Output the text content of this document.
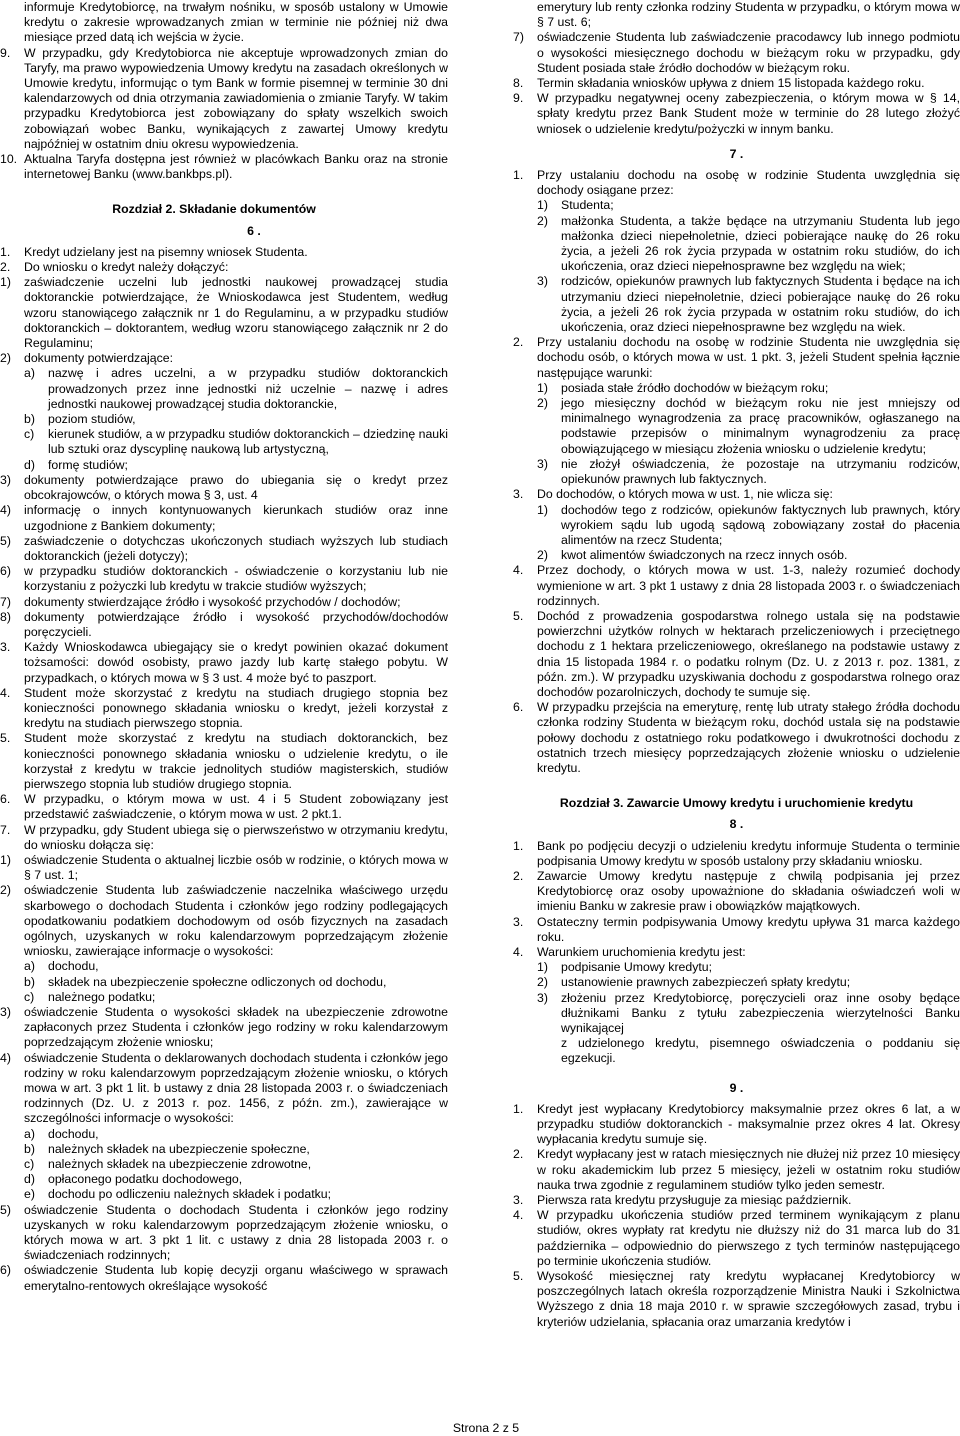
informuje Kredytobiorcę, na trwałym nośniku, w sposób ustalony w Umowie kredytu o zakresie wprowadzanych zmian w terminie nie później niż dwa miesiące przed datą ich wejścia w życie.

9. W przypadku, gdy Kredytobiorca nie akceptuje wprowadzonych zmian do Taryfy, ma prawo wypowiedzenia Umowy kredytu na zasadach określonych w Umowie kredytu, informując o tym Bank w formie pisemnej w terminie 30 dni kalendarzowych od dnia otrzymania zawiadomienia o zmianie Taryfy. W takim przypadku Kredytobiorca jest zobowiązany do spłaty wszelkich swoich zobowiązań wobec Banku, wynikających z zawartej Umowy kredytu najpóźniej w ostatnim dniu okresu wypowiedzenia.

10. Aktualna Taryfa dostępna jest również w placówkach Banku oraz na stronie internetowej Banku (www.bankbps.pl).

Rozdział 2. Składanie dokumentów

6 .

1. Kredyt udzielany jest na pisemny wniosek Studenta.

2. Do wniosku o kredyt należy dołączyć:

1) zaświadczenie uczelni lub jednostki naukowej prowadzącej studia doktoranckie potwierdzające, że Wnioskodawca jest Studentem, według wzoru stanowiącego załącznik nr 1 do Regulaminu, a w przypadku studiów doktoranckich – doktorantem, według wzoru stanowiącego załącznik nr 2 do Regulaminu;

2) dokumenty potwierdzające:

a) nazwę i adres uczelni, a w przypadku studiów doktoranckich prowadzonych przez inne jednostki niż uczelnie – nazwę i adres jednostki naukowej prowadzącej studia doktoranckie,

b) poziom studiów,

c) kierunek studiów, a w przypadku studiów doktoranckich – dziedzinę nauki lub sztuki oraz dyscyplinę naukową lub artystyczną,

d) formę studiów;

3) dokumenty potwierdzające prawo do ubiegania się o kredyt przez obcokrajowców, o których mowa § 3, ust. 4

4) informację o innych kontynuowanych kierunkach studiów oraz inne uzgodnione z Bankiem dokumenty;

5) zaświadczenie o dotychczas ukończonych studiach wyższych lub studiach doktoranckich (jeżeli dotyczy);

6) w przypadku studiów doktoranckich - oświadczenie o korzystaniu lub nie korzystaniu z pożyczki lub kredytu w trakcie studiów wyższych;

7) dokumenty stwierdzające źródło i wysokość przychodów / dochodów;

8) dokumenty potwierdzające źródło i wysokość przychodów/dochodów poręczycieli.

3. Każdy Wnioskodawca ubiegający sie o kredyt powinien okazać dokument tożsamości: dowód osobisty, prawo jazdy lub kartę stałego pobytu. W przypadkach, o których mowa w § 3 ust. 4 może być to paszport.

4. Student może skorzystać z kredytu na studiach drugiego stopnia bez konieczności ponownego składania wniosku o kredyt, jeżeli korzystał z kredytu na studiach pierwszego stopnia.

5. Student może skorzystać z kredytu na studiach doktoranckich, bez konieczności ponownego składania wniosku o udzielenie kredytu, o ile korzystał z kredytu w trakcie jednolitych studiów magisterskich, studiów pierwszego stopnia lub studiów drugiego stopnia.

6. W przypadku, o którym mowa w ust. 4 i 5 Student zobowiązany jest przedstawić zaświadczenie, o którym mowa w ust. 2 pkt.1.

7. W przypadku, gdy Student ubiega się o pierwszeństwo w otrzymaniu kredytu, do wniosku dołącza się:

1) oświadczenie Studenta o aktualnej liczbie osób w rodzinie, o których mowa w § 7 ust. 1;

2) oświadczenie Studenta lub zaświadczenie naczelnika właściwego urzędu skarbowego o dochodach Studenta i członków jego rodziny podlegających opodatkowaniu podatkiem dochodowym od osób fizycznych na zasadach ogólnych, uzyskanych w roku kalendarzowym poprzedzającym złożenie wniosku, zawierające informacje o wysokości:

a) dochodu,

b) składek na ubezpieczenie społeczne odliczonych od dochodu,

c) należnego podatku;

3) oświadczenie Studenta o wysokości składek na ubezpieczenie zdrowotne zapłaconych przez Studenta i członków jego rodziny w roku kalendarzowym poprzedzającym złożenie wniosku;

4) oświadczenie Studenta o deklarowanych dochodach studenta i członków jego rodziny w roku kalendarzowym poprzedzającym złożenie wniosku, o których mowa w art. 3 pkt 1 lit. b ustawy z dnia 28 listopada 2003 r. o świadczeniach rodzinnych (Dz. U. z 2013 r. poz. 1456, z późn. zm.), zawierające w szczególności informacje o wysokości:

a) dochodu,

b) należnych składek na ubezpieczenie społeczne,

c) należnych składek na ubezpieczenie zdrowotne,

d) opłaconego podatku dochodowego,

e) dochodu po odliczeniu należnych składek i podatku;

5) oświadczenie Studenta o dochodach Studenta i członków jego rodziny uzyskanych w roku kalendarzowym poprzedzającym złożenie wniosku, o których mowa w art. 3 pkt 1 lit. c ustawy z dnia 28 listopada 2003 r. o świadczeniach rodzinnych;

6) oświadczenie Studenta lub kopię decyzji organu właściwego w sprawach emerytalno-rentowych określające wysokość

emerytury lub renty członka rodziny Studenta w przypadku, o którym mowa w § 7 ust. 6;

7) oświadczenie Studenta lub zaświadczenie pracodawcy lub innego podmiotu o wysokości miesięcznego dochodu w bieżącym roku w przypadku, gdy Student posiada stałe źródło dochodów w bieżącym roku.

8. Termin składania wniosków upływa z dniem 15 listopada każdego roku.

9. W przypadku negatywnej oceny zabezpieczenia, o którym mowa w § 14, spłaty kredytu przez Bank Student może w terminie do 28 lutego złożyć wniosek o udzielenie kredytu/pożyczki w innym banku.

7 .

1. Przy ustalaniu dochodu na osobę w rodzinie Studenta uwzględnia się dochody osiągane przez:

1) Studenta;

2) małżonka Studenta, a także będące na utrzymaniu Studenta lub jego małżonka dzieci niepełnoletnie, dzieci pobierające naukę do 26 roku życia, a jeżeli 26 rok życia przypada w ostatnim roku studiów, do ich ukończenia, oraz dzieci niepełnosprawne bez względu na wiek;

3) rodziców, opiekunów prawnych lub faktycznych Studenta i będące na ich utrzymaniu dzieci niepełnoletnie, dzieci pobierające naukę do 26 roku życia, a jeżeli 26 rok życia przypada w ostatnim roku studiów, do ich ukończenia, oraz dzieci niepełnosprawne bez względu na wiek.

2. Przy ustalaniu dochodu na osobę w rodzinie Studenta nie uwzględnia się dochodu osób, o których mowa w ust. 1 pkt. 3, jeżeli Student spełnia łącznie następujące warunki:

1) posiada stałe źródło dochodów w bieżącym roku;

2) jego miesięczny dochód w bieżącym roku nie jest mniejszy od minimalnego wynagrodzenia za pracę pracowników, ogłaszanego na podstawie przepisów o minimalnym wynagrodzeniu za pracę obowiązującego w miesiącu złożenia wniosku o udzielenie kredytu;

3) nie złożył oświadczenia, że pozostaje na utrzymaniu rodziców, opiekunów prawnych lub faktycznych.

3. Do dochodów, o których mowa w ust. 1, nie wlicza się:

1) dochodów tego z rodziców, opiekunów faktycznych lub prawnych, który wyrokiem sądu lub ugodą sądową zobowiązany został do płacenia alimentów na rzecz Studenta;

2) kwot alimentów świadczonych na rzecz innych osób.

4. Przez dochody, o których mowa w ust. 1-3, należy rozumieć dochody wymienione w art. 3 pkt 1 ustawy z dnia 28 listopada 2003 r. o świadczeniach rodzinnych.

5. Dochód z prowadzenia gospodarstwa rolnego ustala się na podstawie powierzchni użytków rolnych w hektarach przeliczeniowych i przeciętnego dochodu z 1 hektara przeliczeniowego, określanego na podstawie ustawy z dnia 15 listopada 1984 r. o podatku rolnym (Dz. U. z 2013 r. poz. 1381, z późn. zm.). W przypadku uzyskiwania dochodu z gospodarstwa rolnego oraz dochodów pozarolniczych, dochody te sumuje się.

6. W przypadku przejścia na emeryturę, rentę lub utraty stałego źródła dochodu członka rodziny Studenta w bieżącym roku, dochód ustala się na podstawie połowy dochodu z ostatniego roku podatkowego i dwukrotności dochodu z ostatnich trzech miesięcy poprzedzających złożenie wniosku o udzielenie kredytu.

Rozdział 3. Zawarcie Umowy kredytu i uruchomienie kredytu

8 .

1. Bank po podjęciu decyzji o udzieleniu kredytu informuje Studenta o terminie podpisania Umowy kredytu w sposób ustalony przy składaniu wniosku.

2. Zawarcie Umowy kredytu następuje z chwilą podpisania jej przez Kredytobiorcę oraz osoby upoważnione do składania oświadczeń woli w imieniu Banku w zakresie praw i obowiązków majątkowych.

3. Ostateczny termin podpisywania Umowy kredytu upływa 31 marca każdego roku.

4. Warunkiem uruchomienia kredytu jest:

1) podpisanie Umowy kredytu;

2) ustanowienie prawnych zabezpieczeń spłaty kredytu;

3) złożeniu przez Kredytobiorcę, poręczycieli oraz inne osoby będące dłużnikami Banku z tytułu zabezpieczenia wierzytelności Banku wynikającej

z udzielonego kredytu, pisemnego oświadczenia o poddaniu się egzekucji.

9 .

1. Kredyt jest wypłacany Kredytobiorcy maksymalnie przez okres 6 lat, a w przypadku studiów doktoranckich - maksymalnie przez okres 4 lat. Okresy wypłacania kredytu sumuje się.

2. Kredyt wypłacany jest w ratach miesięcznych nie dłużej niż przez 10 miesięcy w roku akademickim lub przez 5 miesięcy, jeżeli w ostatnim roku studiów nauka trwa zgodnie z regulaminem studiów tylko jeden semestr.

3. Pierwsza rata kredytu przysługuje za miesiąc październik.

4. W przypadku ukończenia studiów przed terminem wynikającym z planu studiów, okres wypłaty rat kredytu nie dłuższy niż do 31 marca lub do 31 października – odpowiednio do pierwszego z tych terminów następującego po terminie ukończenia studiów.

5. Wysokość miesięcznej raty kredytu wypłacanej Kredytobiorcy w poszczególnych latach określa rozporządzenie Ministra Nauki i Szkolnictwa Wyższego z dnia 18 maja 2010 r. w sprawie szczegółowych zasad, trybu i kryteriów udzielania, spłacania oraz umarzania kredytów i

Strona 2 z 5
